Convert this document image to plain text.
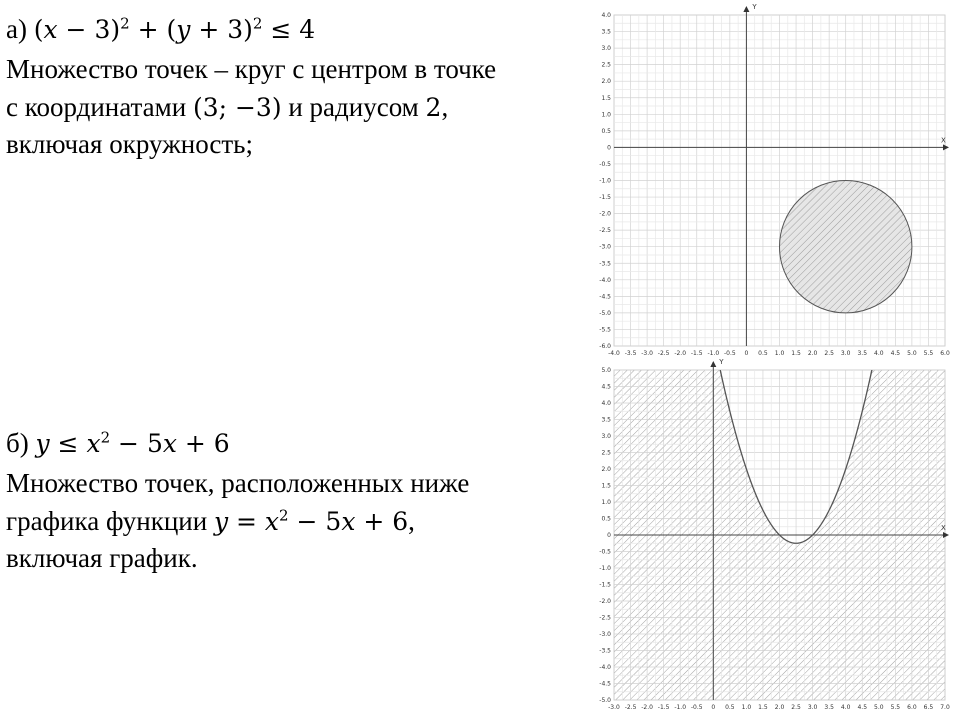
а) $(x - 3)^2 + (y + 3)^2 \le 4$
Множество точек – круг с центром в точке
с координатами (3; −3) и радиусом 2,
включая окружность;
б) $y \le x^2 - 5x + 6$
Множество точек, расположенных ниже
графика функции $y = x^2 - 5x + 6$,
включая график.
X
Y
-4.0 -3.5 -3.0 -2.5 -2.0 -1.5 -1.0 -0.5 0 0.5 1.0 1.5 2.0 2.5 3.0 3.5 4.0 4.5 5.0 5.5 6.0
4.0
3.5
3.0
2.5
2.0
1.5
1.0
0.5
0
-0.5
-1.0
-1.5
-2.0
-2.5
-3.0
-3.5
-4.0
-4.5
-5.0
-5.5
-6.0
X
Y
-3.0 -2.5 -2.0 -1.5 -1.0 -0.5 0 0.5 1.0 1.5 2.0 2.5 3.0 3.5 4.0 4.5 5.0 5.5 6.0 6.5 7.0
5.0
4.5
4.0
3.5
3.0
2.5
2.0
1.5
1.0
0.5
0
-0.5
-1.0
-1.5
-2.0
-2.5
-3.0
-3.5
-4.0
-4.5
-5.0
